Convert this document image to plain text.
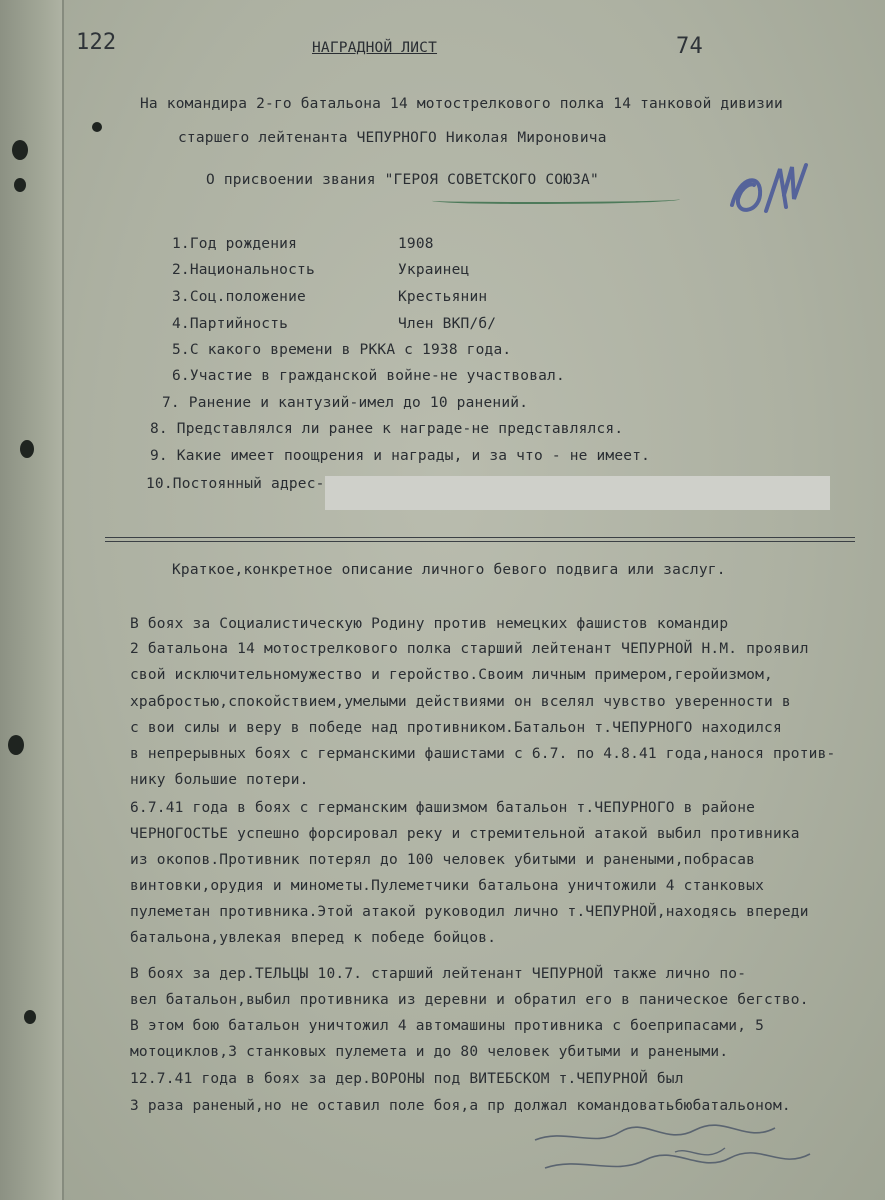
122	74
НАГРАДНОЙ ЛИСТ
На командира 2-го батальона 14 мотострелкового полка 14 танковой дивизии
старшего лейтенанта ЧЕПУРНОГО Николая Мироновича
О присвоении звания "ГЕРОЯ СОВЕТСКОГО СОЮЗА"
1.Год рождения	1908
2.Национальность	Украинец
3.Соц.положение	Крестьянин
4.Партийность	Член ВКП/б/
5.С какого времени в РККА с 1938 года.
6.Участие в гражданской войне-не участвовал.
7. Ранение и кантузий-имел до 10 ранений.
8. Представлялся ли ранее к награде-не представлялся.
9. Какие имеет поощрения и награды, и за что - не имеет.
10.Постоянный адрес-
Краткое,конкретное описание личного бевого подвига или заслуг.
В боях за Социалистическую Родину против немецких фашистов командир
2 батальона 14 мотострелкового полка старший лейтенант ЧЕПУРНОЙ Н.М. проявил
свой исключительномужество и геройство.Своим личным примером,геройизмом,
храбростью,спокойствием,умелыми действиями он вселял чувство уверенности в
с вои силы и веру в победе над противником.Батальон т.ЧЕПУРНОГО находился
в непрерывных боях с германскими фашистами с 6.7. по 4.8.41 года,нанося против-
нику большие потери.
6.7.41 года в боях с германским фашизмом батальон т.ЧЕПУРНОГО в районе
ЧЕРНОГОСТЬЕ успешно форсировал реку и стремительной атакой выбил противника
из окопов.Противник потерял до 100 человек убитыми и ранеными,побрасав
винтовки,орудия и минометы.Пулеметчики батальона уничтожили 4 станковых
пулеметан противника.Этой атакой руководил лично т.ЧЕПУРНОЙ,находясь впереди
батальона,увлекая вперед к победе бойцов.
В боях за дер.ТЕЛЬЦЫ 10.7. старший лейтенант ЧЕПУРНОЙ также лично по-
вел батальон,выбил противника из деревни и обратил его в паническое бегство.
В этом бою батальон уничтожил 4 автомашины противника с боеприпасами, 5
мотоциклов,3 станковых пулемета и до 80 человек убитыми и ранеными.
12.7.41 года в боях за дер.ВОРОНЫ под ВИТЕБСКОМ т.ЧЕПУРНОЙ был
3 раза раненый,но не оставил поле боя,а пр должал командоватьбюбатальоном.
